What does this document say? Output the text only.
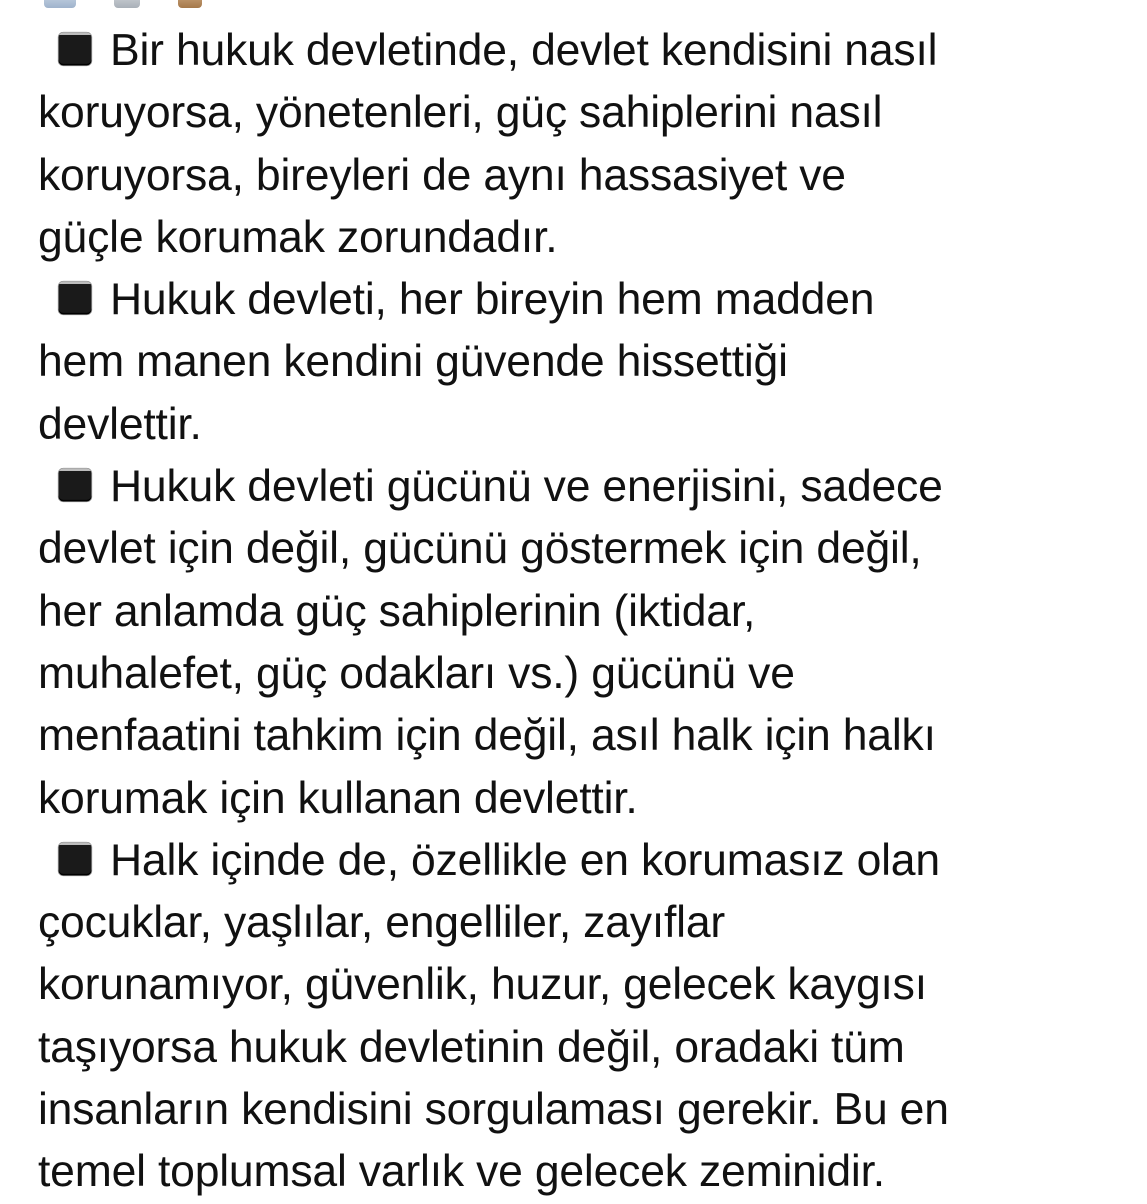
Bir hukuk devletinde, devlet kendisini nasıl
koruyorsa, yönetenleri, güç sahiplerini nasıl
koruyorsa, bireyleri de aynı hassasiyet ve
güçle korumak zorundadır.

Hukuk devleti, her bireyin hem madden
hem manen kendini güvende hissettiği
devlettir.

Hukuk devleti gücünü ve enerjisini, sadece
devlet için değil, gücünü göstermek için değil,
her anlamda güç sahiplerinin (iktidar,
muhalefet, güç odakları vs.) gücünü ve
menfaatini tahkim için değil, asıl halk için halkı
korumak için kullanan devlettir.

Halk içinde de, özellikle en korumasız olan
çocuklar, yaşlılar, engelliler, zayıflar
korunamıyor, güvenlik, huzur, gelecek kaygısı
taşıyorsa hukuk devletinin değil, oradaki tüm
insanların kendisini sorgulaması gerekir. Bu en
temel toplumsal varlık ve gelecek zeminidir.
